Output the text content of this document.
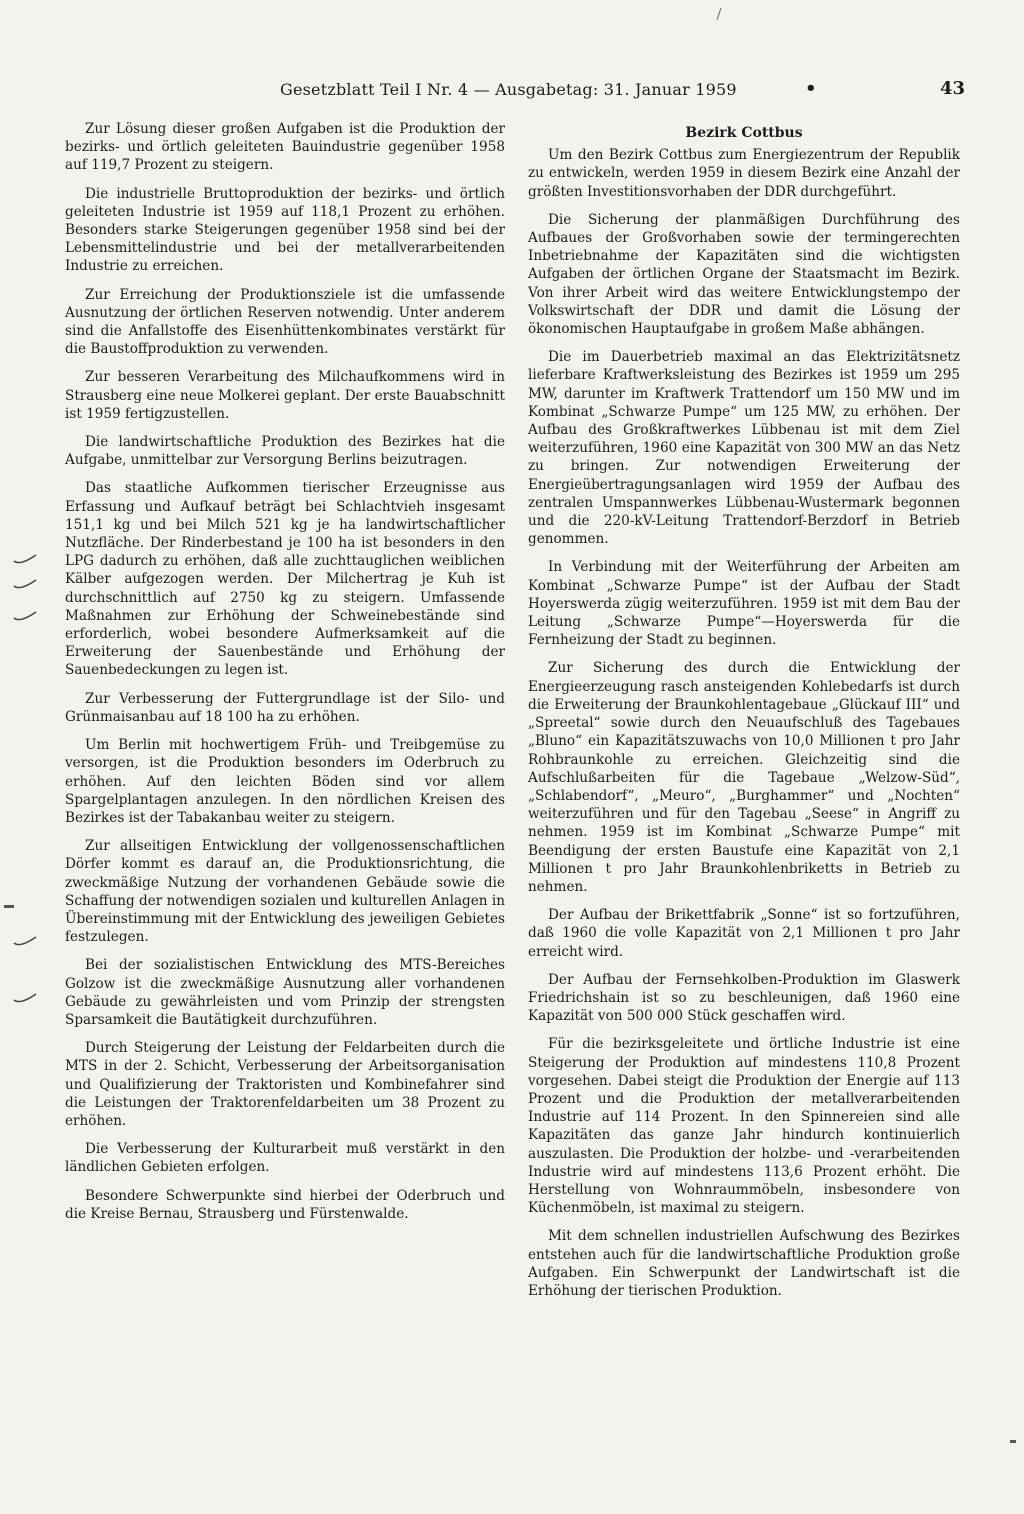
Gesetzblatt Teil I Nr. 4 — Ausgabetag: 31. Januar 1959	•	43

Zur Lösung dieser großen Aufgaben ist die Produktion der bezirks- und örtlich geleiteten Bauindustrie gegenüber 1958 auf 119,7 Prozent zu steigern.

Die industrielle Bruttoproduktion der bezirks- und örtlich geleiteten Industrie ist 1959 auf 118,1 Prozent zu erhöhen. Besonders starke Steigerungen gegenüber 1958 sind bei der Lebensmittelindustrie und bei der metallverarbeitenden Industrie zu erreichen.

Zur Erreichung der Produktionsziele ist die umfassende Ausnutzung der örtlichen Reserven notwendig. Unter anderem sind die Anfallstoffe des Eisenhüttenkombinates verstärkt für die Baustoffproduktion zu verwenden.

Zur besseren Verarbeitung des Milchaufkommens wird in Strausberg eine neue Molkerei geplant. Der erste Bauabschnitt ist 1959 fertigzustellen.

Die landwirtschaftliche Produktion des Bezirkes hat die Aufgabe, unmittelbar zur Versorgung Berlins beizutragen.

Das staatliche Aufkommen tierischer Erzeugnisse aus Erfassung und Aufkauf beträgt bei Schlachtvieh insgesamt 151,1 kg und bei Milch 521 kg je ha landwirtschaftlicher Nutzfläche. Der Rinderbestand je 100 ha ist besonders in den LPG dadurch zu erhöhen, daß alle zuchttauglichen weiblichen Kälber aufgezogen werden. Der Milchertrag je Kuh ist durchschnittlich auf 2750 kg zu steigern. Umfassende Maßnahmen zur Erhöhung der Schweinebestände sind erforderlich, wobei besondere Aufmerksamkeit auf die Erweiterung der Sauenbestände und Erhöhung der Sauenbedeckungen zu legen ist.

Zur Verbesserung der Futtergrundlage ist der Silo- und Grünmaisanbau auf 18 100 ha zu erhöhen.

Um Berlin mit hochwertigem Früh- und Treibgemüse zu versorgen, ist die Produktion besonders im Oderbruch zu erhöhen. Auf den leichten Böden sind vor allem Spargelplantagen anzulegen. In den nördlichen Kreisen des Bezirkes ist der Tabakanbau weiter zu steigern.

Zur allseitigen Entwicklung der vollgenossenschaftlichen Dörfer kommt es darauf an, die Produktionsrichtung, die zweckmäßige Nutzung der vorhandenen Gebäude sowie die Schaffung der notwendigen sozialen und kulturellen Anlagen in Übereinstimmung mit der Entwicklung des jeweiligen Gebietes festzulegen.

Bei der sozialistischen Entwicklung des MTS-Bereiches Golzow ist die zweckmäßige Ausnutzung aller vorhandenen Gebäude zu gewährleisten und vom Prinzip der strengsten Sparsamkeit die Bautätigkeit durchzuführen.

Durch Steigerung der Leistung der Feldarbeiten durch die MTS in der 2. Schicht, Verbesserung der Arbeitsorganisation und Qualifizierung der Traktoristen und Kombinefahrer sind die Leistungen der Traktorenfeldarbeiten um 38 Prozent zu erhöhen.

Die Verbesserung der Kulturarbeit muß verstärkt in den ländlichen Gebieten erfolgen.

Besondere Schwerpunkte sind hierbei der Oderbruch und die Kreise Bernau, Strausberg und Fürstenwalde.

Bezirk Cottbus

Um den Bezirk Cottbus zum Energiezentrum der Republik zu entwickeln, werden 1959 in diesem Bezirk eine Anzahl der größten Investitionsvorhaben der DDR durchgeführt.

Die Sicherung der planmäßigen Durchführung des Aufbaues der Großvorhaben sowie der termingerechten Inbetriebnahme der Kapazitäten sind die wichtigsten Aufgaben der örtlichen Organe der Staatsmacht im Bezirk. Von ihrer Arbeit wird das weitere Entwicklungstempo der Volkswirtschaft der DDR und damit die Lösung der ökonomischen Hauptaufgabe in großem Maße abhängen.

Die im Dauerbetrieb maximal an das Elektrizitätsnetz lieferbare Kraftwerksleistung des Bezirkes ist 1959 um 295 MW, darunter im Kraftwerk Trattendorf um 150 MW und im Kombinat „Schwarze Pumpe“ um 125 MW, zu erhöhen. Der Aufbau des Großkraftwerkes Lübbenau ist mit dem Ziel weiterzuführen, 1960 eine Kapazität von 300 MW an das Netz zu bringen. Zur notwendigen Erweiterung der Energieübertragungsanlagen wird 1959 der Aufbau des zentralen Umspannwerkes Lübbenau-Wustermark begonnen und die 220-kV-Leitung Trattendorf-Berzdorf in Betrieb genommen.

In Verbindung mit der Weiterführung der Arbeiten am Kombinat „Schwarze Pumpe“ ist der Aufbau der Stadt Hoyerswerda zügig weiterzuführen. 1959 ist mit dem Bau der Leitung „Schwarze Pumpe“—Hoyerswerda für die Fernheizung der Stadt zu beginnen.

Zur Sicherung des durch die Entwicklung der Energieerzeugung rasch ansteigenden Kohlebedarfs ist durch die Erweiterung der Braunkohlentagebaue „Glückauf III“ und „Spreetal“ sowie durch den Neuaufschluß des Tagebaues „Bluno“ ein Kapazitätszuwachs von 10,0 Millionen t pro Jahr Rohbraunkohle zu erreichen. Gleichzeitig sind die Aufschlußarbeiten für die Tagebaue „Welzow-Süd“, „Schlabendorf“, „Meuro“, „Burghammer“ und „Nochten“ weiterzuführen und für den Tagebau „Seese“ in Angriff zu nehmen. 1959 ist im Kombinat „Schwarze Pumpe“ mit Beendigung der ersten Baustufe eine Kapazität von 2,1 Millionen t pro Jahr Braunkohlenbriketts in Betrieb zu nehmen.

Der Aufbau der Brikettfabrik „Sonne“ ist so fortzuführen, daß 1960 die volle Kapazität von 2,1 Millionen t pro Jahr erreicht wird.

Der Aufbau der Fernsehkolben-Produktion im Glaswerk Friedrichshain ist so zu beschleunigen, daß 1960 eine Kapazität von 500 000 Stück geschaffen wird.

Für die bezirksgeleitete und örtliche Industrie ist eine Steigerung der Produktion auf mindestens 110,8 Prozent vorgesehen. Dabei steigt die Produktion der Energie auf 113 Prozent und die Produktion der metallverarbeitenden Industrie auf 114 Prozent. In den Spinnereien sind alle Kapazitäten das ganze Jahr hindurch kontinuierlich auszulasten. Die Produktion der holzbe- und -verarbeitenden Industrie wird auf mindestens 113,6 Prozent erhöht. Die Herstellung von Wohnraummöbeln, insbesondere von Küchenmöbeln, ist maximal zu steigern.

Mit dem schnellen industriellen Aufschwung des Bezirkes entstehen auch für die landwirtschaftliche Produktion große Aufgaben. Ein Schwerpunkt der Landwirtschaft ist die Erhöhung der tierischen Produktion.
